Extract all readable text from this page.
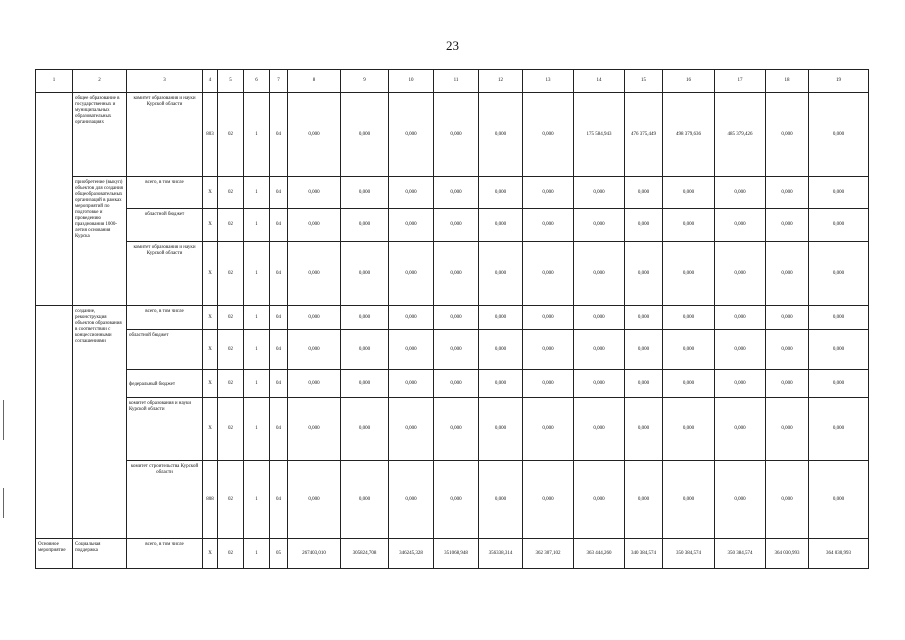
23
1	2	3	4	5	6	7	8	9	10	11	12	13	14	15	16	17	18	19
	общее образование в государственных и муниципальных образовательных организациях	комитет образования и науки Курской области	803	02	1	04	0,000	0,000	0,000	0,000	0,000	0,000	175 584,943	476 375,449	498 379,636	485 379,426	0,000	0,000
	приобретение (выкуп) объектов для создания общеобразовательных организаций в рамках мероприятий по подготовке и проведению празднования 1000-летия основания Курска	всего, в том числе	Х	02	1	04	0,000	0,000	0,000	0,000	0,000	0,000	0,000	0,000	0,000	0,000	0,000	0,000
		областной бюджет	Х	02	1	04	0,000	0,000	0,000	0,000	0,000	0,000	0,000	0,000	0,000	0,000	0,000	0,000
		комитет образования и науки Курской области	Х	02	1	04	0,000	0,000	0,000	0,000	0,000	0,000	0,000	0,000	0,000	0,000	0,000	0,000
	создание, реконструкция объектов образования в соответствии с концессионными соглашениями	всего, в том числе	Х	02	1	04	0,000	0,000	0,000	0,000	0,000	0,000	0,000	0,000	0,000	0,000	0,000	0,000
		областной бюджет	Х	02	1	04	0,000	0,000	0,000	0,000	0,000	0,000	0,000	0,000	0,000	0,000	0,000	0,000
		федеральный бюджет	Х	02	1	04	0,000	0,000	0,000	0,000	0,000	0,000	0,000	0,000	0,000	0,000	0,000	0,000
		комитет образования и науки Курской области	Х	02	1	04	0,000	0,000	0,000	0,000	0,000	0,000	0,000	0,000	0,000	0,000	0,000	0,000
		комитет строительства Курской области	808	02	1	04	0,000	0,000	0,000	0,000	0,000	0,000	0,000	0,000	0,000	0,000	0,000	0,000
Основное мероприятие	Социальная поддержка	всего, в том числе	Х	02	1	05	267403,010	305824,708	346245,328	351068,948	356338,314	362 307,102	363 444,260	340 384,574	350 384,574	350 384,574	364 030,993	364 030,993
